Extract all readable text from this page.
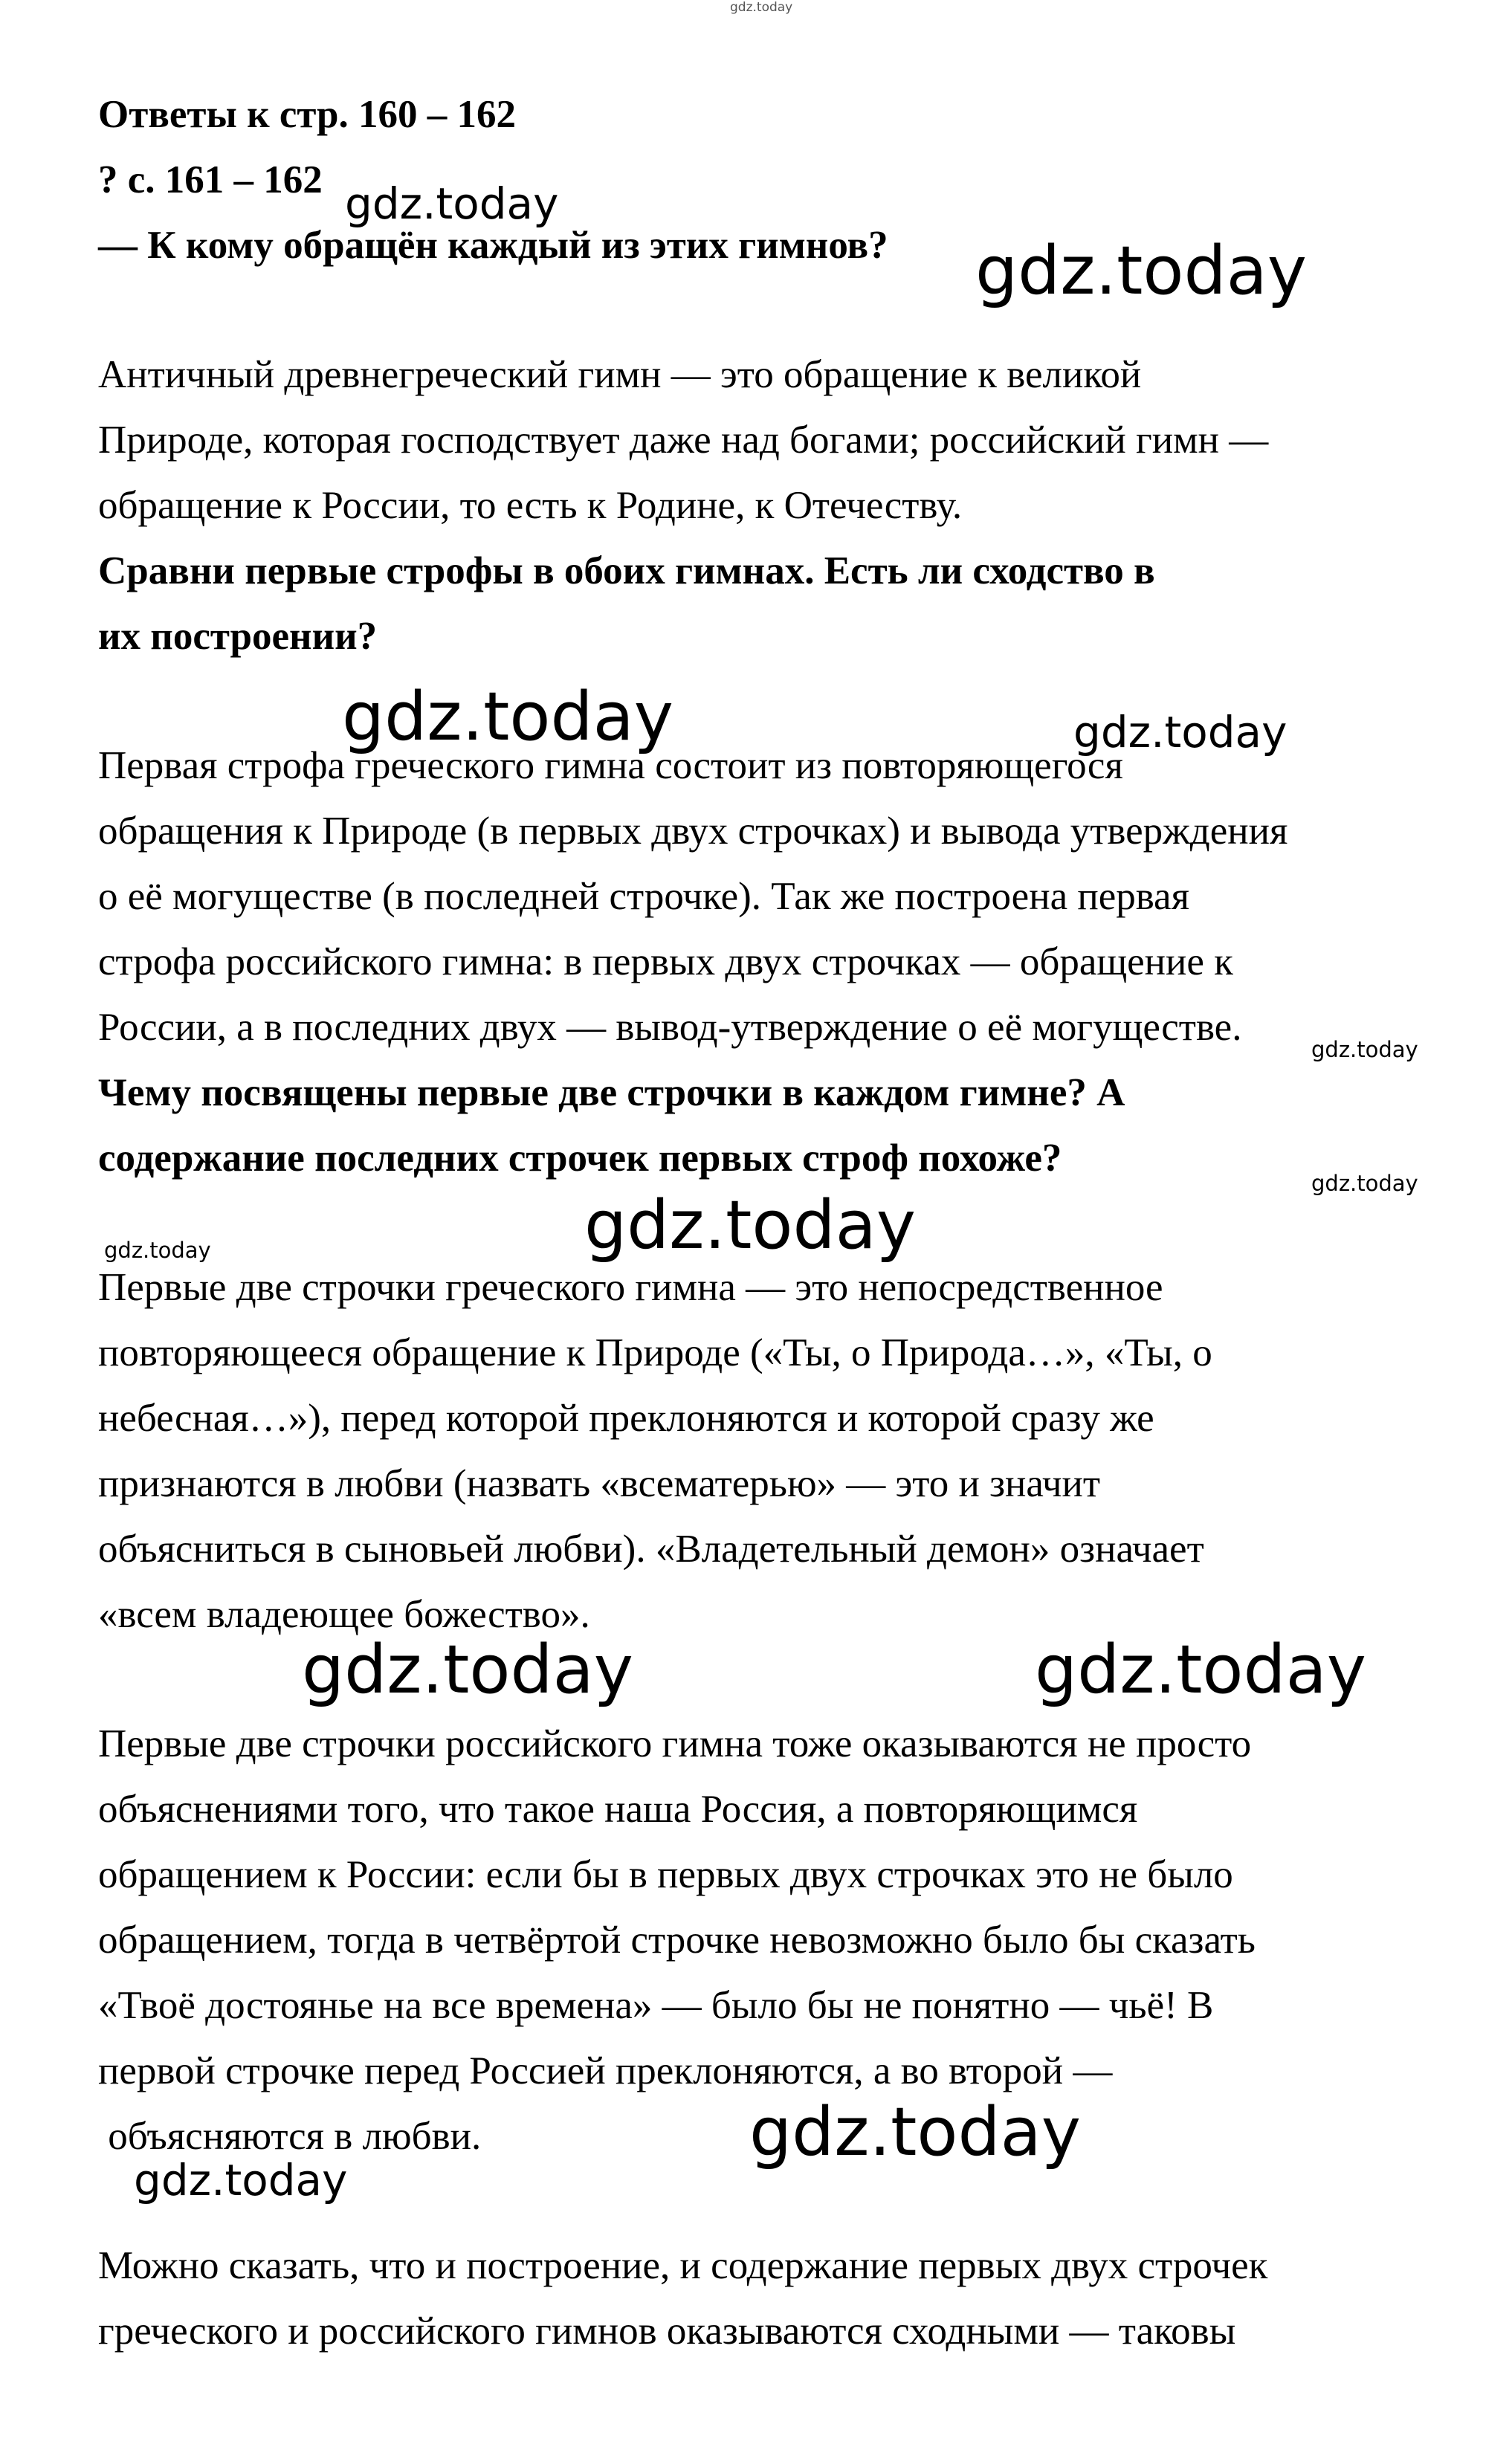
gdz.today
gdz.today
gdz.today
gdz.today	gdz.today
gdz.today
gdz.today
gdz.today
gdz.today
gdz.today	gdz.today
gdz.today
gdz.today
Ответы к стр. 160 – 162
? с. 161 – 162
— К кому обращён каждый из этих гимнов?
Античный древнегреческий гимн — это обращение к великой
Природе, которая господствует даже над богами; российский гимн —
обращение к России, то есть к Родине, к Отечеству.
Сравни первые строфы в обоих гимнах. Есть ли сходство в
их построении?
Первая строфа греческого гимна состоит из повторяющегося
обращения к Природе (в первых двух строчках) и вывода утверждения
о её могуществе (в последней строчке). Так же построена первая
строфа российского гимна: в первых двух строчках — обращение к
России, а в последних двух — вывод-утверждение о её могуществе.
Чему посвящены первые две строчки в каждом гимне? А
содержание последних строчек первых строф похоже?
Первые две строчки греческого гимна — это непосредственное
повторяющееся обращение к Природе («Ты, о Природа…», «Ты, о
небесная…»), перед которой преклоняются и которой сразу же
признаются в любви (назвать «всематерью» — это и значит
объясниться в сыновьей любви). «Владетельный демон» означает
«всем владеющее божество».
Первые две строчки российского гимна тоже оказываются не просто
объяснениями того, что такое наша Россия, а повторяющимся
обращением к России: если бы в первых двух строчках это не было
обращением, тогда в четвёртой строчке невозможно было бы сказать
«Твоё достоянье на все времена» — было бы не понятно — чьё! В
первой строчке перед Россией преклоняются, а во второй —
объясняются в любви.
Можно сказать, что и построение, и содержание первых двух строчек
греческого и российского гимнов оказываются сходными — таковы
